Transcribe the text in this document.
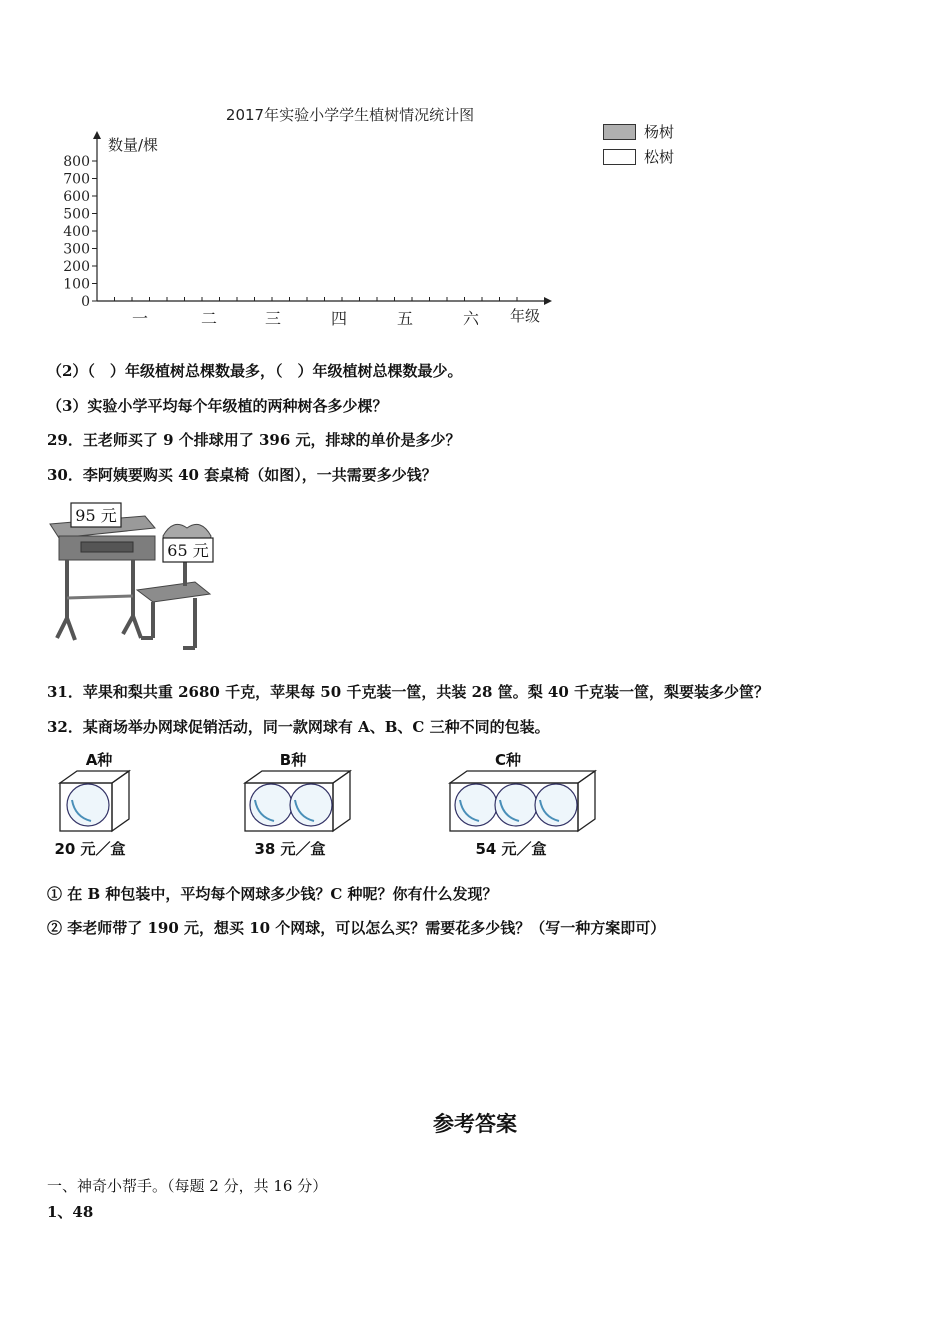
2017年实验小学学生植树情况统计图
数量/棵
年级
0
100
200
300
400
500
600
700
800
一	二	三	四	五	六
杨树
松树
（2）（　）年级植树总棵数最多，（　）年级植树总棵数最少。
（3）实验小学平均每个年级植的两种树各多少棵？
29．王老师买了 9 个排球用了 396 元，排球的单价是多少？
30．李阿姨要购买 40 套桌椅（如图），一共需要多少钱？
95 元
65 元
31．苹果和梨共重 2680 千克，苹果每 50 千克装一筐，共装 28 筐。梨 40 千克装一筐，梨要装多少筐？
32．某商场举办网球促销活动，同一款网球有 A、B、C 三种不同的包装。
A种
20 元／盒
B种
38 元／盒
C种
54 元／盒
① 在 B 种包装中，平均每个网球多少钱？C 种呢？你有什么发现？
② 李老师带了 190 元，想买 10 个网球，可以怎么买？需要花多少钱？（写一种方案即可）
参考答案
一、神奇小帮手。（每题 2 分，共 16 分）
1、48
